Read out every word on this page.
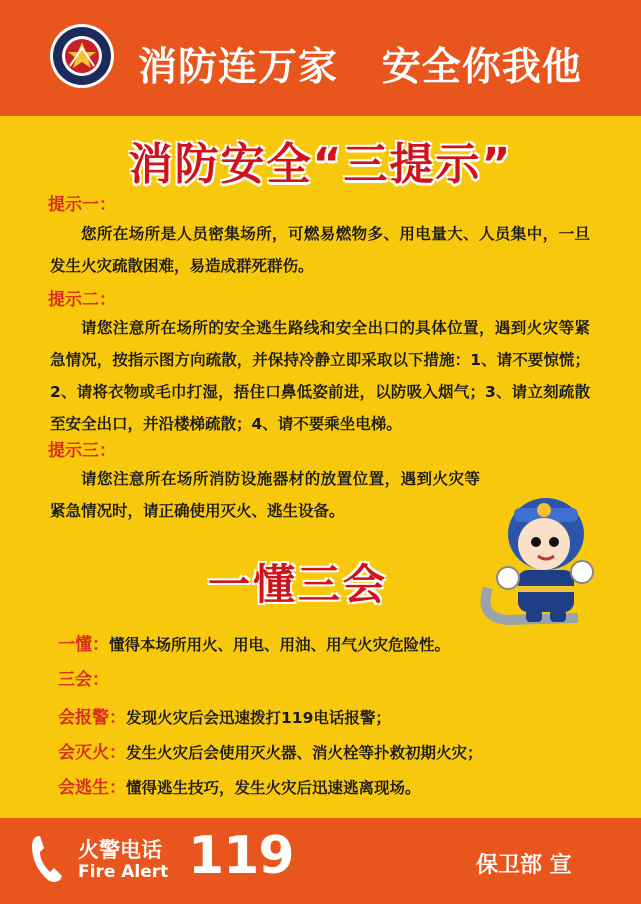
消防连万家   安全你我他
消防安全“三提示”
提示一：
您所在场所是人员密集场所，可燃易燃物多、用电量大、人员集中，一旦发生火灾疏散困难，易造成群死群伤。
提示二：
请您注意所在场所的安全逃生路线和安全出口的具体位置，遇到火灾等紧急情况，按指示图方向疏散，并保持冷静立即采取以下措施：1、请不要惊慌；2、请将衣物或毛巾打湿，捂住口鼻低姿前进，以防吸入烟气；3、请立刻疏散至安全出口，并沿楼梯疏散；4、请不要乘坐电梯。
提示三：
请您注意所在场所消防设施器材的放置位置，遇到火灾等紧急情况时，请正确使用灭火、逃生设备。
一懂三会
一懂：懂得本场所用火、用电、用油、用气火灾危险性。
三会：
会报警：发现火灾后会迅速拨打119电话报警；
会灭火：发生火灾后会使用灭火器、消火栓等扑救初期火灾；
会逃生：懂得逃生技巧，发生火灾后迅速逃离现场。
火警电话
Fire Alert 119	保卫部 宣
